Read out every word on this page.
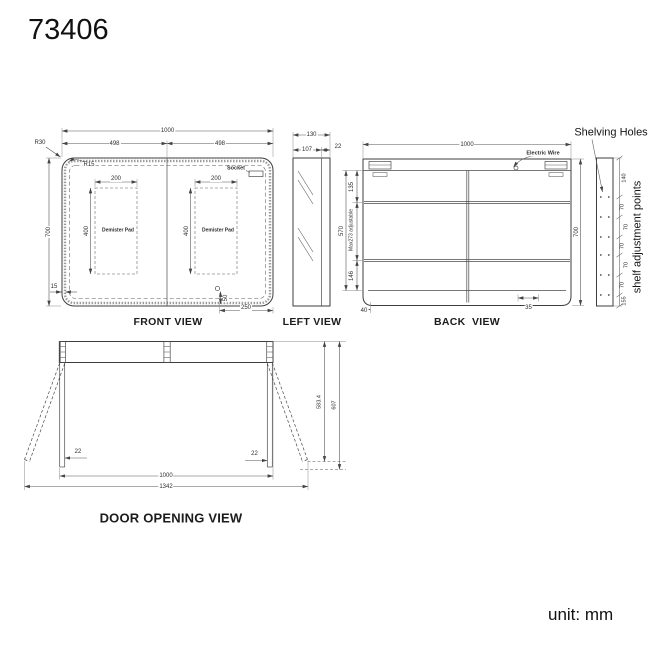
73406
1000
498	498
R30
R15
Socket
700
200	200
400	400
Demister Pad	Demister Pad
15
50
250
FRONT VIEW
130
107
22
LEFT VIEW
1000
Electric Wire
570
135
Max273 adjustable
146
40	35
700
BACK  VIEW
Shelving Holes
140
70
70
70
70
70
155
shelf adjustment points
22	22
583.4 607
1000
1342
DOOR OPENING VIEW
unit: mm
